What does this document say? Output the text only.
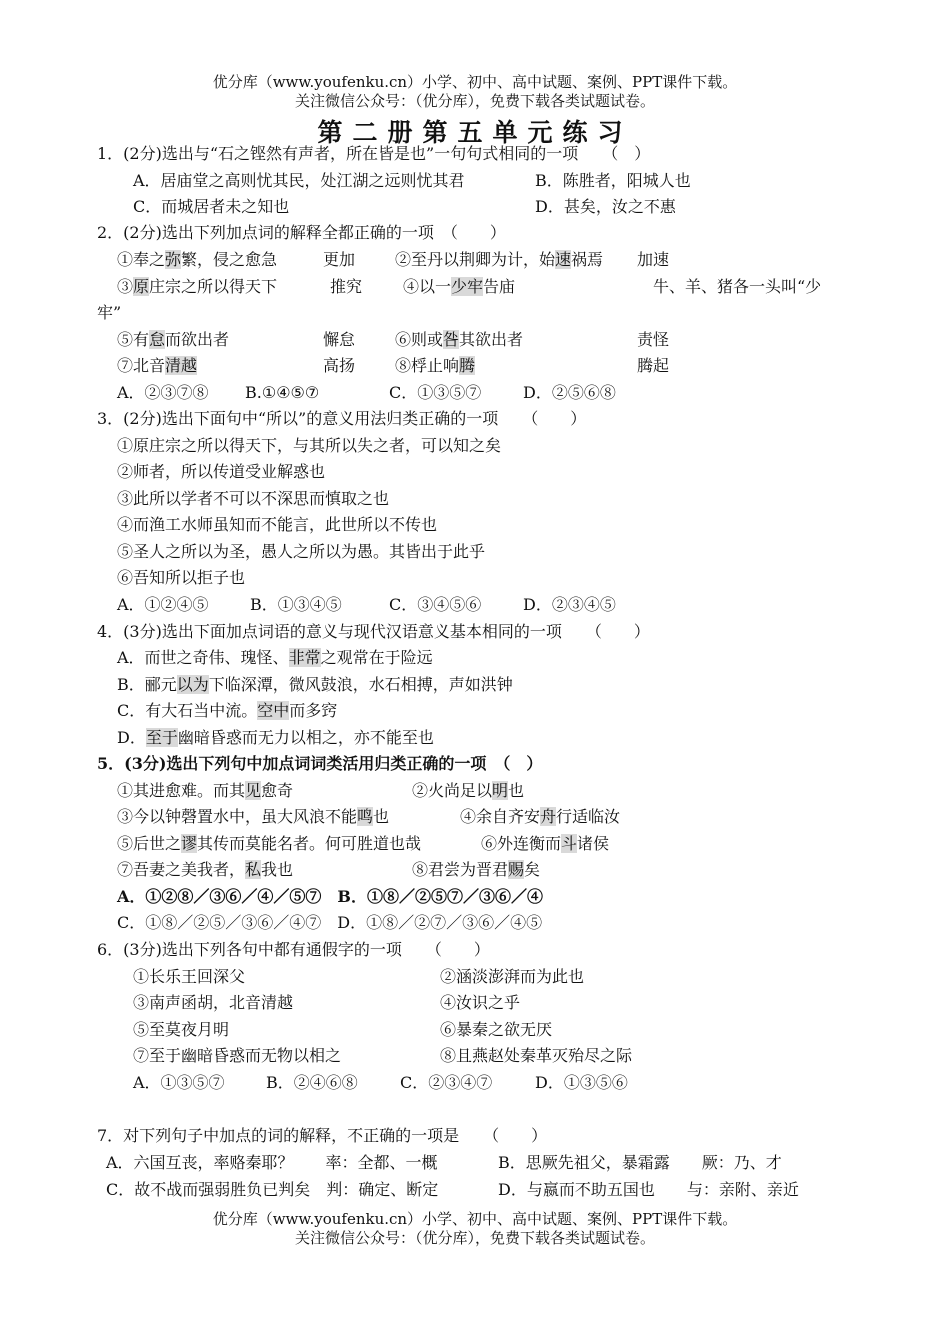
优分库（www.youfenku.cn）小学、初中、高中试题、案例、PPT课件下载。
关注微信公众号：（优分库），免费下载各类试题试卷。
第二册第五单元练习
1．(2分)选出与“石之铿然有声者，所在皆是也”一句句式相同的一项　　（　）
A．居庙堂之高则忧其民，处江湖之远则忧其君	B．陈胜者，阳城人也
C．而城居者未之知也	D．甚矣，汝之不惠
2．(2分)选出下列加点词的解释全都正确的一项　（　　）
①奉之弥繁，侵之愈急	更加 ②至丹以荆卿为计，始速祸焉 加速
③原庄宗之所以得天下	推究	④以一少牢告庙	牛、羊、猪各一头叫“少
牢”
⑤有怠而欲出者	懈怠 ⑥则或咎其欲出者	责怪
⑦北音清越	高扬 ⑧桴止响腾	腾起
A．②③⑦⑧ B.①④⑤⑦	C．①③⑤⑦	D．②⑤⑥⑧
3．(2分)选出下面句中“所以”的意义用法归类正确的一项　　（　　）
①原庄宗之所以得天下，与其所以失之者，可以知之矣
②师者，所以传道受业解惑也
③此所以学者不可以不深思而慎取之也
④而渔工水师虽知而不能言，此世所以不传也
⑤圣人之所以为圣，愚人之所以为愚。其皆出于此乎
⑥吾知所以拒子也
A．①②④⑤	B．①③④⑤	C．③④⑤⑥	D．②③④⑤
4．(3分)选出下面加点词语的意义与现代汉语意义基本相同的一项　　（　　）
A．而世之奇伟、瑰怪、非常之观常在于险远
B．郦元以为下临深潭，微风鼓浪，水石相搏，声如洪钟
C．有大石当中流。空中而多窍
D．至于幽暗昏惑而无力以相之，亦不能至也
5．(3分)选出下列句中加点词词类活用归类正确的一项　（　）
①其进愈难。而其见愈奇	②火尚足以明也
③今以钟磬置水中，虽大风浪不能鸣也	④余自齐安舟行适临汝
⑤后世之谬其传而莫能名者。何可胜道也哉	⑥外连衡而斗诸侯
⑦吾妻之美我者，私我也	⑧君尝为晋君赐矣
A．①②⑧／③⑥／④／⑤⑦　B．①⑧／②⑤⑦／③⑥／④
C．①⑧／②⑤／③⑥／④⑦　D．①⑧／②⑦／③⑥／④⑤
6．(3分)选出下列各句中都有通假字的一项　　（　　）
①长乐王回深父	②涵淡澎湃而为此也
③南声函胡，北音清越	④汝识之乎
⑤至莫夜月明	⑥暴秦之欲无厌
⑦至于幽暗昏惑而无物以相之	⑧且燕赵处秦革灭殆尽之际
A．①③⑤⑦	B．②④⑥⑧	C．②③④⑦	D．①③⑤⑥
7．对下列句子中加点的词的解释，不正确的一项是　　（　　）
A．六国互丧，率赂秦耶？　　率：全都、一概	B．思厥先祖父，暴霜露　　厥：乃、才
C．故不战而强弱胜负已判矣　判：确定、断定	D．与嬴而不助五国也　　与：亲附、亲近
优分库（www.youfenku.cn）小学、初中、高中试题、案例、PPT课件下载。
关注微信公众号：（优分库），免费下载各类试题试卷。
